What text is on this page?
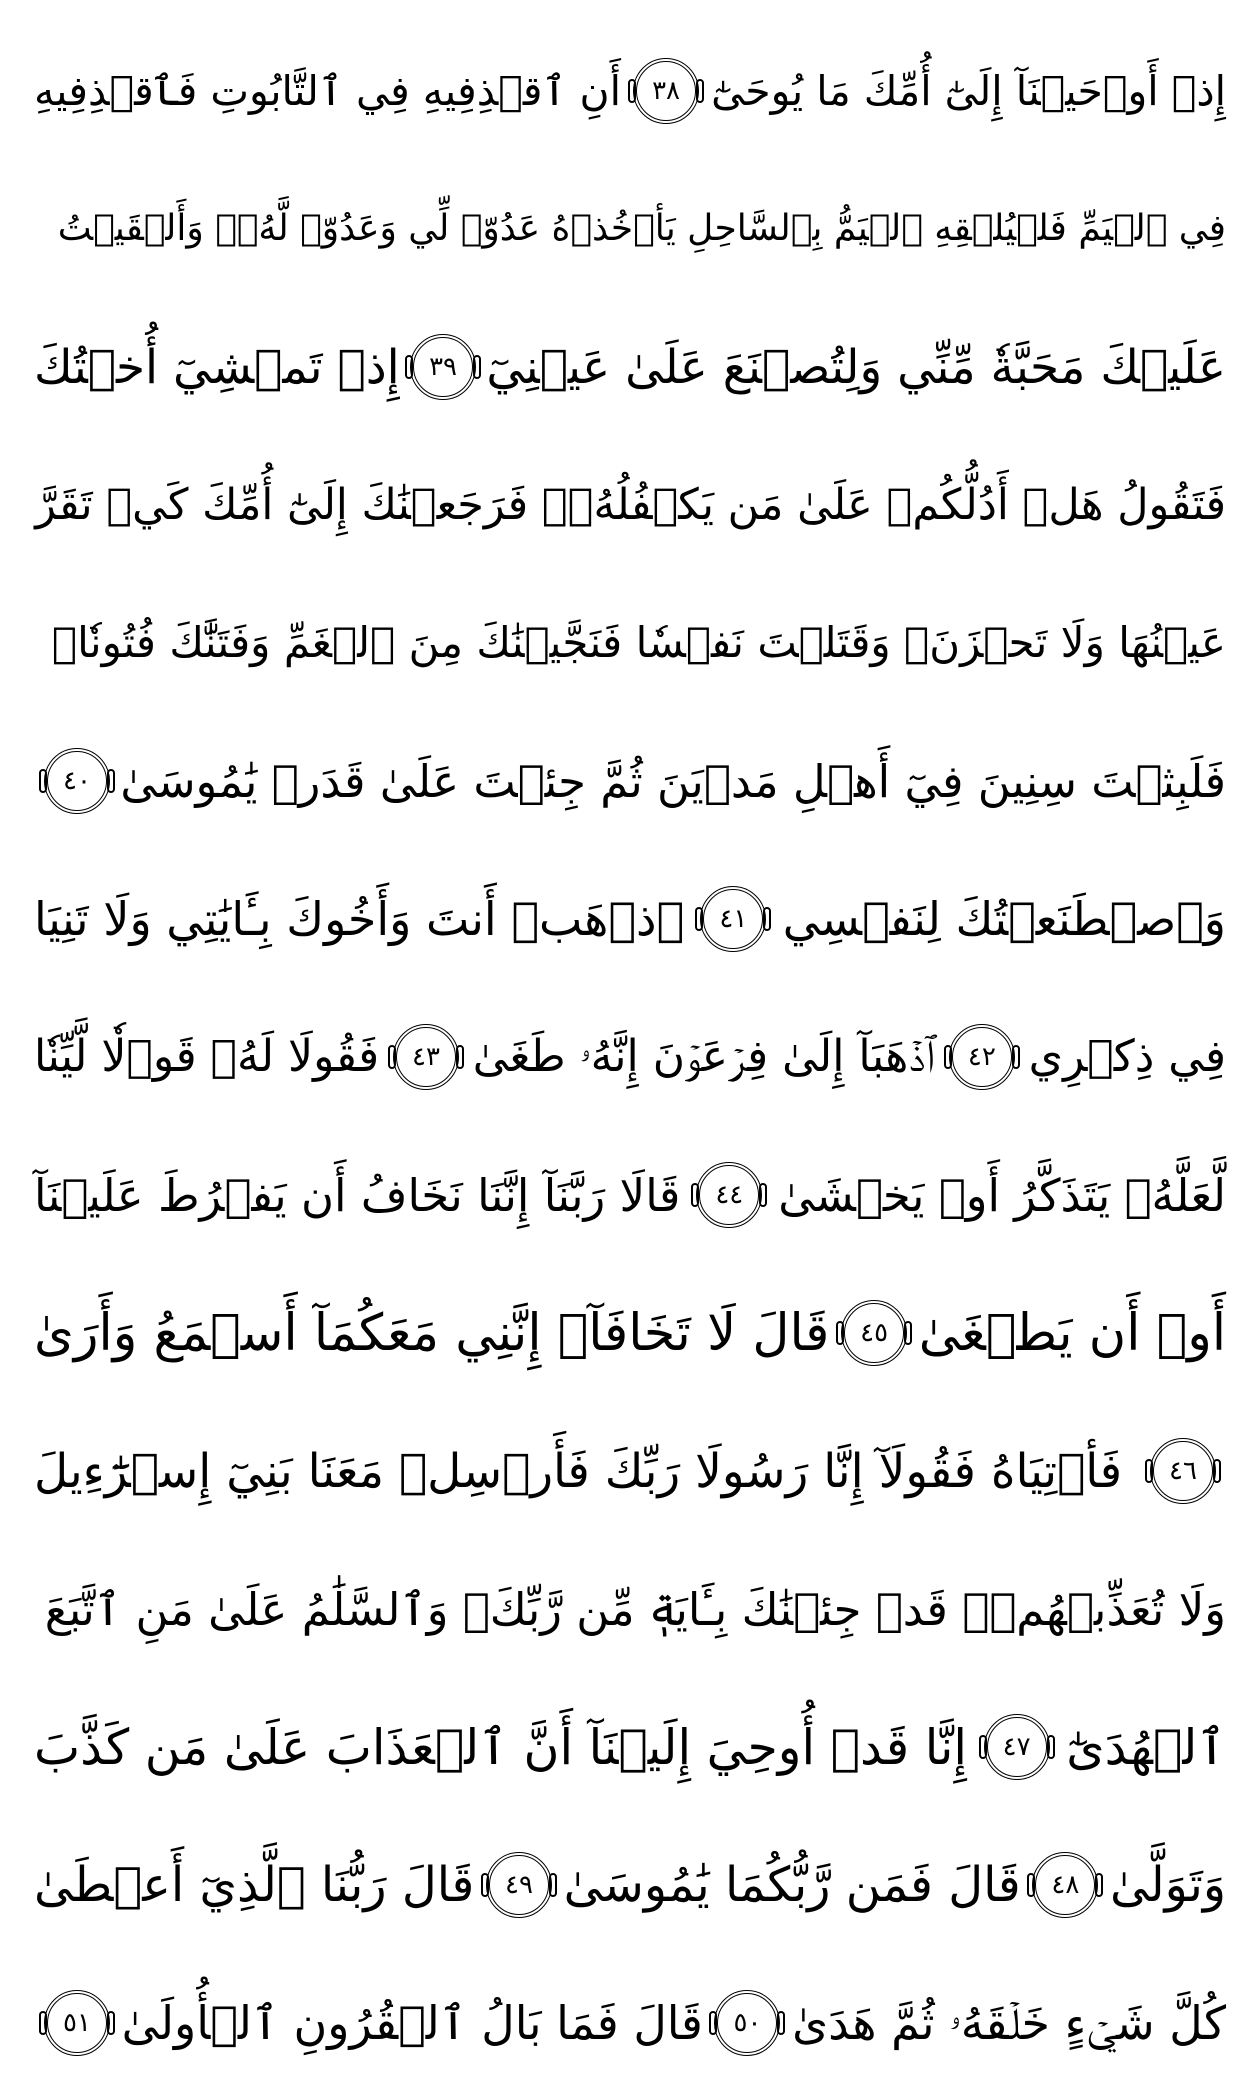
إِذۡ أَوۡحَيۡنَآ إِلَىٰٓ أُمِّكَ مَا يُوحَىٰٓ
٣٨
أَنِ ٱقۡذِفِيهِ فِي ٱلتَّابُوتِ فَٱقۡذِفِيهِ
فِي ٱلۡيَمِّ فَلۡيُلۡقِهِ ٱلۡيَمُّ بِٱلسَّاحِلِ يَأۡخُذۡهُ عَدُوّٞ لِّي وَعَدُوّٞ لَّهُۥۚ وَأَلۡقَيۡتُ
عَلَيۡكَ مَحَبَّةٗ مِّنِّي وَلِتُصۡنَعَ عَلَىٰ عَيۡنِيٓ
٣٩
إِذۡ تَمۡشِيٓ أُخۡتُكَ
فَتَقُولُ هَلۡ أَدُلُّكُمۡ عَلَىٰ مَن يَكۡفُلُهُۥۖ فَرَجَعۡنَٰكَ إِلَىٰٓ أُمِّكَ كَيۡ تَقَرَّ
عَيۡنُهَا وَلَا تَحۡزَنَۚ وَقَتَلۡتَ نَفۡسٗا فَنَجَّيۡنَٰكَ مِنَ ٱلۡغَمِّ وَفَتَنَّٰكَ فُتُونٗاۚ
فَلَبِثۡتَ سِنِينَ فِيٓ أَهۡلِ مَدۡيَنَ ثُمَّ جِئۡتَ عَلَىٰ قَدَرٖ يَٰمُوسَىٰ
٤٠
وَٱصۡطَنَعۡتُكَ لِنَفۡسِي
٤١
ٱذۡهَبۡ أَنتَ وَأَخُوكَ بِـَٔايَٰتِي وَلَا تَنِيَا
فِي ذِكۡرِي
٤٢
ٱذۡهَبَآ إِلَىٰ فِرۡعَوۡنَ إِنَّهُۥ طَغَىٰ
٤٣
فَقُولَا لَهُۥ قَوۡلٗا لَّيِّنٗا
لَّعَلَّهُۥ يَتَذَكَّرُ أَوۡ يَخۡشَىٰ
٤٤
قَالَا رَبَّنَآ إِنَّنَا نَخَافُ أَن يَفۡرُطَ عَلَيۡنَآ
أَوۡ أَن يَطۡغَىٰ
٤٥
قَالَ لَا تَخَافَآۖ إِنَّنِي مَعَكُمَآ أَسۡمَعُ وَأَرَىٰ
٤٦
فَأۡتِيَاهُ فَقُولَآ إِنَّا رَسُولَا رَبِّكَ فَأَرۡسِلۡ مَعَنَا بَنِيٓ إِسۡرَٰٓءِيلَ
وَلَا تُعَذِّبۡهُمۡۖ قَدۡ جِئۡنَٰكَ بِـَٔايَةٖ مِّن رَّبِّكَۖ وَٱلسَّلَٰمُ عَلَىٰ مَنِ ٱتَّبَعَ
ٱلۡهُدَىٰٓ
٤٧
إِنَّا قَدۡ أُوحِيَ إِلَيۡنَآ أَنَّ ٱلۡعَذَابَ عَلَىٰ مَن كَذَّبَ
وَتَوَلَّىٰ
٤٨
قَالَ فَمَن رَّبُّكُمَا يَٰمُوسَىٰ
٤٩
قَالَ رَبُّنَا ٱلَّذِيٓ أَعۡطَىٰ
كُلَّ شَيۡءٍ خَلۡقَهُۥ ثُمَّ هَدَىٰ
٥٠
قَالَ فَمَا بَالُ ٱلۡقُرُونِ ٱلۡأُولَىٰ
٥١
